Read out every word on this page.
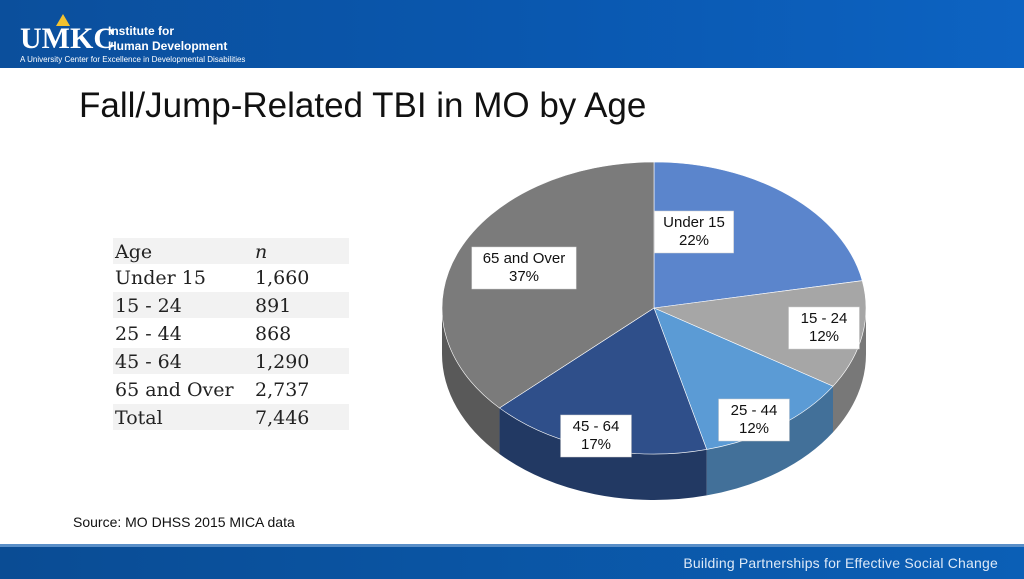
UMKC
Institute for
Human Development
A University Center for Excellence in Developmental Disabilities
Fall/Jump-Related TBI in MO by Age
Age	n
Under 15	1,660
15 - 24	891
25 - 44	868
45 - 64	1,290
65 and Over	2,737
Total	7,446
Under 15
22%
15 - 24
12%
25 - 44
12%
45 - 64
17%
65 and Over
37%
Source: MO DHSS 2015 MICA data
Building Partnerships for Effective Social Change
